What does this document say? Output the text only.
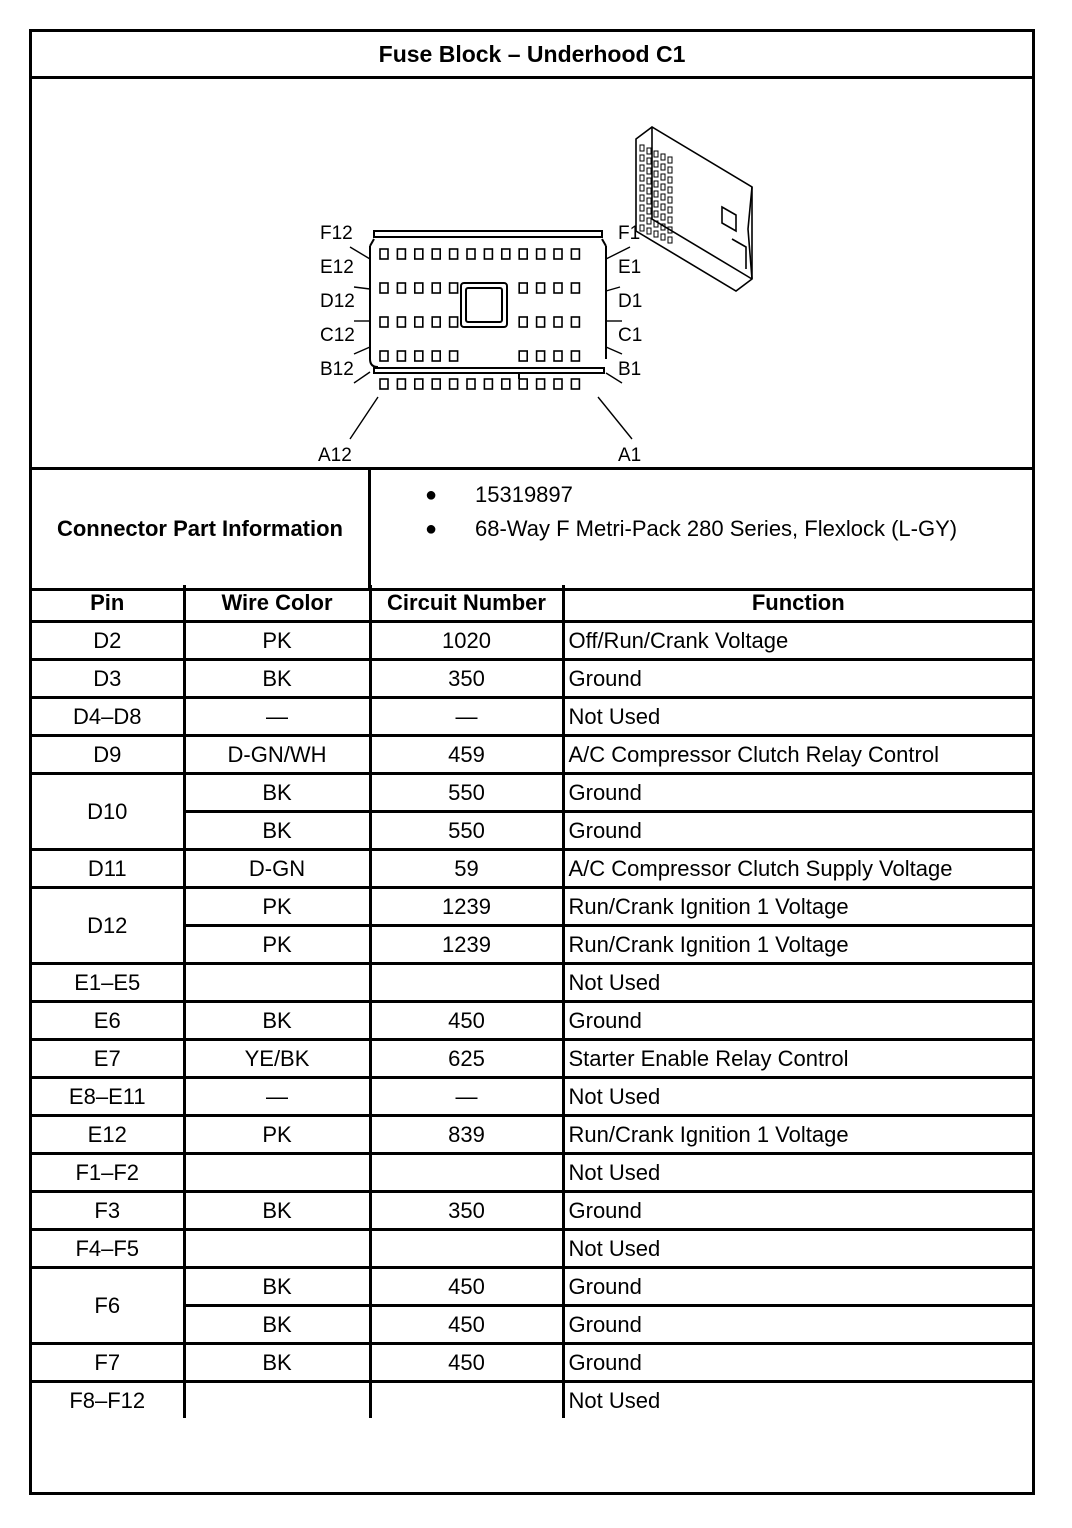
Fuse Block – Underhood C1
F12
E12
D12
C12
B12
A12
F1
E1
D1
C1
B1
A1
Connector Part Information
● 15319897
● 68-Way F Metri-Pack 280 Series, Flexlock (L-GY)
Pin	Wire Color	Circuit Number	Function
D2	PK	1020	Off/Run/Crank Voltage
D3	BK	350	Ground
D4–D8	—	—	Not Used
D9	D-GN/WH	459	A/C Compressor Clutch Relay Control
D10	BK	550	Ground
	BK	550	Ground
D11	D-GN	59	A/C Compressor Clutch Supply Voltage
D12	PK	1239	Run/Crank Ignition 1 Voltage
	PK	1239	Run/Crank Ignition 1 Voltage
E1–E5			Not Used
E6	BK	450	Ground
E7	YE/BK	625	Starter Enable Relay Control
E8–E11	—	—	Not Used
E12	PK	839	Run/Crank Ignition 1 Voltage
F1–F2			Not Used
F3	BK	350	Ground
F4–F5			Not Used
F6	BK	450	Ground
	BK	450	Ground
F7	BK	450	Ground
F8–F12			Not Used
